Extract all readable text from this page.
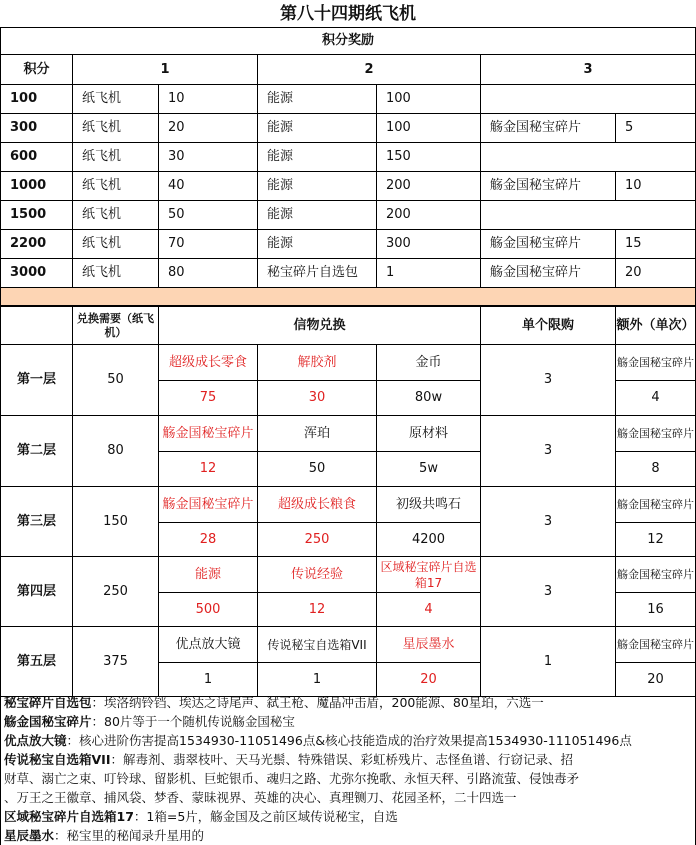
第八十四期纸飞机						
积分奖励						
积分	1		2		3	
100	纸飞机	10	能源	100		
300	纸飞机	20	能源	100	觞金国秘宝碎片	5
600	纸飞机	30	能源	150		
1000	纸飞机	40	能源	200	觞金国秘宝碎片	10
1500	纸飞机	50	能源	200		
2200	纸飞机	70	能源	300	觞金国秘宝碎片	15
3000	纸飞机	80	秘宝碎片自选包	1	觞金国秘宝碎片	20

	兑换需要（纸飞机）	信物兑换			单个限购	额外（单次）
第一层	50	超级成长零食	解胶剂	金币	3	觞金国秘宝碎片
		75	30	80w		4
第二层	80	觞金国秘宝碎片	浑珀	原材料	3	觞金国秘宝碎片
		12	50	5w		8
第三层	150	觞金国秘宝碎片	超级成长粮食	初级共鸣石	3	觞金国秘宝碎片
		28	250	4200		12
第四层	250	能源	传说经验	区域秘宝碎片自选箱17	3	觞金国秘宝碎片
		500	12	4		16
第五层	375	优点放大镜	传说秘宝自选箱VII	星辰墨水	1	觞金国秘宝碎片
		1	1	20		20
秘宝碎片自选包：埃洛纳铃铛、埃达之诗尾声、弑王枪、魔晶冲击盾，200能源、80星珀，六选一
觞金国秘宝碎片：80片等于一个随机传说觞金国秘宝
优点放大镜：核心进阶伤害提高1534930-11051496点&核心技能造成的治疗效果提高1534930-111051496点
传说秘宝自选箱VII：解毒剂、翡翠枝叶、天马光鬃、特殊错误、彩虹桥残片、志怪鱼谱、行窃记录、招
财草、溺亡之束、叮铃球、留影机、巨蛇银币、魂归之路、尤弥尔挽歌、永恒天秤、引路流萤、侵蚀毒矛
、万王之王徽章、捕风袋、梦香、蒙昧视界、英雄的决心、真理铡刀、花园圣杯，二十四选一
区域秘宝碎片自选箱17：1箱=5片，觞金国及之前区域传说秘宝，自选
星辰墨水：秘宝里的秘闻录升星用的
